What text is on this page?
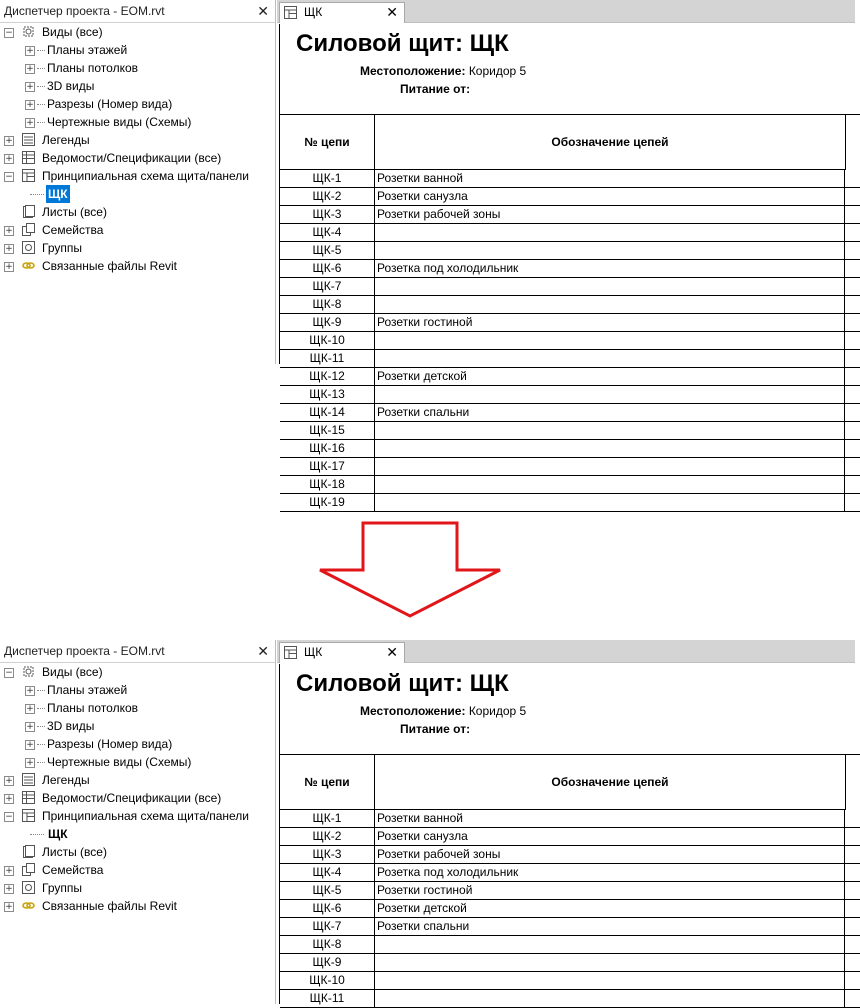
Диспетчер проекта - EOM.rvt	✕
− Виды (все)
+ Планы этажей
+ Планы потолков
+ 3D виды
+ Разрезы (Номер вида)
+ Чертежные виды (Схемы)
+ Легенды
+ Ведомости/Спецификации (все)
− Принципиальная схема щита/панели
ЩК
Листы (все)
+ Семейства
+ Группы
+ Связанные файлы Revit
ЩК	✕
Силовой щит: ЩК
Местоположение: Коридор 5
Питание от:
№ цепи	Обозначение цепей
ЩК-1	Розетки ванной
ЩК-2	Розетки санузла
ЩК-3	Розетки рабочей зоны
ЩК-4
ЩК-5
ЩК-6	Розетка под холодильник
ЩК-7
ЩК-8
ЩК-9	Розетки гостиной
ЩК-10
ЩК-11
ЩК-12	Розетки детской
ЩК-13
ЩК-14	Розетки спальни
ЩК-15
ЩК-16
ЩК-17
ЩК-18
ЩК-19
Диспетчер проекта - EOM.rvt	✕
− Виды (все)
+ Планы этажей
+ Планы потолков
+ 3D виды
+ Разрезы (Номер вида)
+ Чертежные виды (Схемы)
+ Легенды
+ Ведомости/Спецификации (все)
− Принципиальная схема щита/панели
ЩК
Листы (все)
+ Семейства
+ Группы
+ Связанные файлы Revit
ЩК	✕
Силовой щит: ЩК
Местоположение: Коридор 5
Питание от:
№ цепи	Обозначение цепей
ЩК-1	Розетки ванной
ЩК-2	Розетки санузла
ЩК-3	Розетки рабочей зоны
ЩК-4	Розетка под холодильник
ЩК-5	Розетки гостиной
ЩК-6	Розетки детской
ЩК-7	Розетки спальни
ЩК-8
ЩК-9
ЩК-10
ЩК-11
